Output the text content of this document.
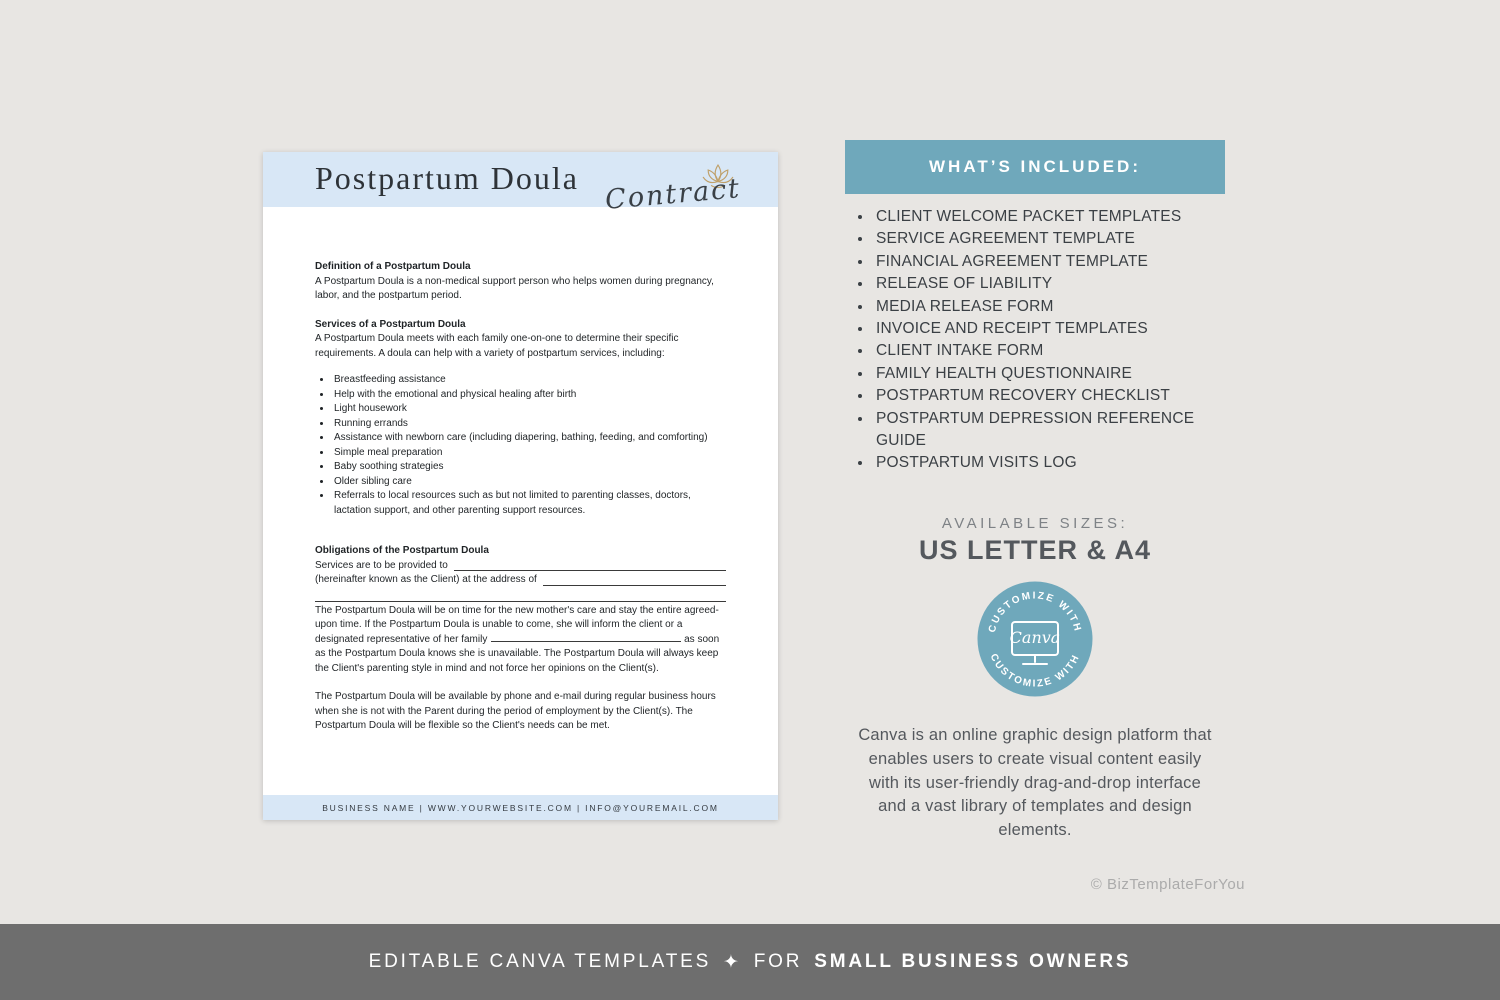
Postpartum Doula Contract
Definition of a Postpartum Doula

A Postpartum Doula is a non-medical support person who helps women during pregnancy, labor, and the postpartum period.

Services of a Postpartum Doula

A Postpartum Doula meets with each family one-on-one to determine their specific requirements. A doula can help with a variety of postpartum services, including:

• Breastfeeding assistance
• Help with the emotional and physical healing after birth
• Light housework
• Running errands
• Assistance with newborn care (including diapering, bathing, feeding, and comforting)
• Simple meal preparation
• Baby soothing strategies
• Older sibling care
• Referrals to local resources such as but not limited to parenting classes, doctors, lactation support, and other parenting support resources.
Obligations of the Postpartum Doula
Services are to be provided to
(hereinafter known as the Client) at the address of

The Postpartum Doula will be on time for the new mother's care and stay the entire agreed-upon time. If the Postpartum Doula is unable to come, she will inform the client or a designated representative of her family	as soon as the Postpartum Doula knows she is unavailable. The Postpartum Doula will always keep the Client's parenting style in mind and not force her opinions on the Client(s).

The Postpartum Doula will be available by phone and e-mail during regular business hours when she is not with the Parent during the period of employment by the Client(s). The Postpartum Doula will be flexible so the Client's needs can be met.

BUSINESS NAME | WWW.YOURWEBSITE.COM | INFO@YOUREMAIL.COM
WHAT’S INCLUDED:
• CLIENT WELCOME PACKET TEMPLATES
• SERVICE AGREEMENT TEMPLATE
• FINANCIAL AGREEMENT TEMPLATE
• RELEASE OF LIABILITY
• MEDIA RELEASE FORM
• INVOICE AND RECEIPT TEMPLATES
• CLIENT INTAKE FORM
• FAMILY HEALTH QUESTIONNAIRE
• POSTPARTUM RECOVERY CHECKLIST
• POSTPARTUM DEPRESSION REFERENCE GUIDE
• POSTPARTUM VISITS LOG
AVAILABLE SIZES:
US LETTER & A4
CUSTOMIZE WITH
CUSTOMIZE WITH
Canva

Canva is an online graphic design platform that enables users to create visual content easily with its user-friendly drag-and-drop interface and a vast library of templates and design elements.

© BizTemplateForYou
EDITABLE CANVA TEMPLATES ✦ FOR SMALL BUSINESS OWNERS
